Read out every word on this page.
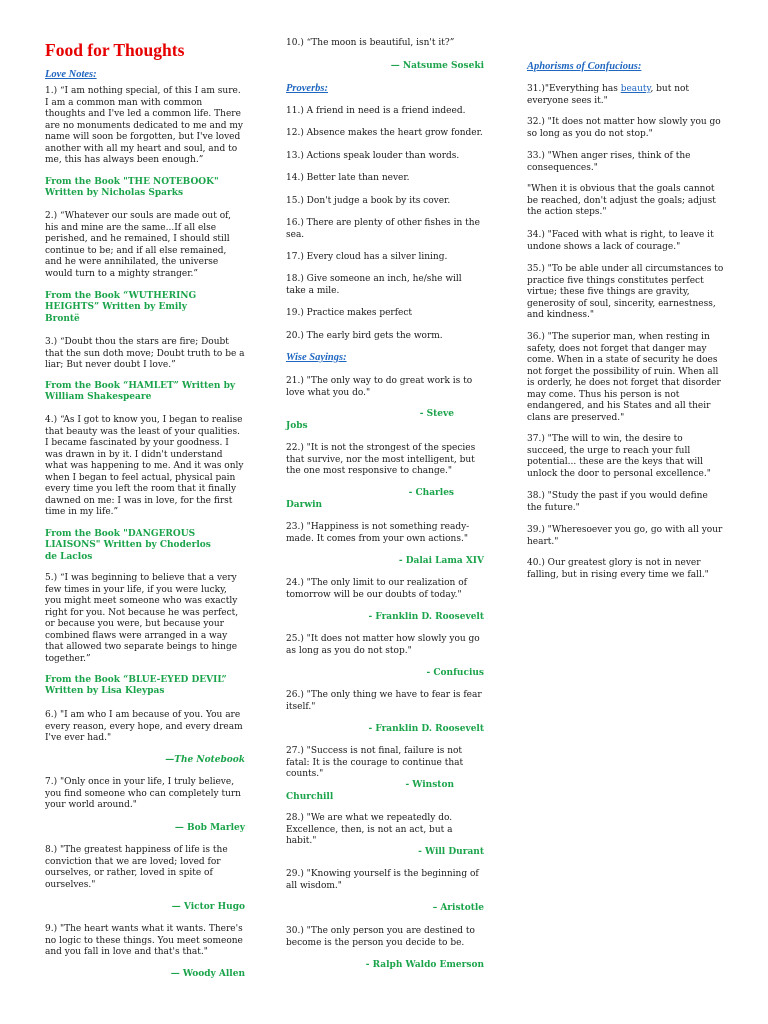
Food for Thoughts
Love Notes:

1.) “I am nothing special, of this I am sure. I am a common man with common thoughts and I've led a common life. There are no monuments dedicated to me and my name will soon be forgotten, but I've loved another with all my heart and soul, and to me, this has always been enough.”

From the Book "THE NOTEBOOK" Written by Nicholas Sparks

2.) “Whatever our souls are made out of, his and mine are the same...If all else perished, and he remained, I should still continue to be; and if all else remained, and he were annihilated, the universe would turn to a mighty stranger.”

From the Book “WUTHERING HEIGHTS” Written by Emily Brontë

3.) “Doubt thou the stars are fire; Doubt that the sun doth move; Doubt truth to be a liar; But never doubt I love.”

From the Book “HAMLET” Written by William Shakespeare

4.) “As I got to know you, I began to realise that beauty was the least of your qualities. I became fascinated by your goodness. I was drawn in by it. I didn't understand what was happening to me. And it was only when I began to feel actual, physical pain every time you left the room that it finally dawned on me: I was in love, for the first time in my life.”

From the Book "DANGEROUS LIAISONS" Written by Choderlos de Laclos

5.) “I was beginning to believe that a very few times in your life, if you were lucky, you might meet someone who was exactly right for you. Not because he was perfect, or because you were, but because your combined flaws were arranged in a way that allowed two separate beings to hinge together.”

From the Book “BLUE-EYED DEVIL” Written by Lisa Kleypas

6.) "I am who I am because of you. You are every reason, every hope, and every dream I've ever had."

—The Notebook

7.) "Only once in your life, I truly believe, you find someone who can completely turn your world around."

— Bob Marley

8.) "The greatest happiness of life is the conviction that we are loved; loved for ourselves, or rather, loved in spite of ourselves."

— Victor Hugo

9.) "The heart wants what it wants. There's no logic to these things. You meet someone and you fall in love and that's that."

— Woody Allen

10.) “The moon is beautiful, isn't it?”

— Natsume Soseki

Proverbs:

11.) A friend in need is a friend indeed.

12.) Absence makes the heart grow fonder.

13.) Actions speak louder than words.

14.) Better late than never.

15.) Don't judge a book by its cover.

16.) There are plenty of other fishes in the sea.

17.) Every cloud has a silver lining.

18.) Give someone an inch, he/she will take a mile.

19.) Practice makes perfect

20.) The early bird gets the worm.

Wise Sayings:

21.) "The only way to do great work is to love what you do."

- Steve
Jobs

22.) "It is not the strongest of the species that survive, nor the most intelligent, but the one most responsive to change."

- Charles
Darwin

23.) "Happiness is not something ready-made. It comes from your own actions."

- Dalai Lama XIV

24.) "The only limit to our realization of tomorrow will be our doubts of today."

- Franklin D. Roosevelt

25.) "It does not matter how slowly you go as long as you do not stop."

- Confucius

26.) "The only thing we have to fear is fear itself."

- Franklin D. Roosevelt

27.) "Success is not final, failure is not fatal: It is the courage to continue that counts."

- Winston
Churchill

28.) "We are what we repeatedly do. Excellence, then, is not an act, but a habit."

- Will Durant

29.) "Knowing yourself is the beginning of all wisdom."

– Aristotle

30.) "The only person you are destined to become is the person you decide to be.

- Ralph Waldo Emerson

Aphorisms of Confucious:

31.)"Everything has beauty, but not everyone sees it."

32.) "It does not matter how slowly you go so long as you do not stop."

33.) "When anger rises, think of the consequences."

"When it is obvious that the goals cannot be reached, don't adjust the goals; adjust the action steps."

34.) "Faced with what is right, to leave it undone shows a lack of courage."

35.) "To be able under all circumstances to practice five things constitutes perfect virtue; these five things are gravity, generosity of soul, sincerity, earnestness, and kindness."

36.) "The superior man, when resting in safety, does not forget that danger may come. When in a state of security he does not forget the possibility of ruin. When all is orderly, he does not forget that disorder may come. Thus his person is not endangered, and his States and all their clans are preserved."

37.) "The will to win, the desire to succeed, the urge to reach your full potential... these are the keys that will unlock the door to personal excellence."

38.) "Study the past if you would define the future."

39.) "Wheresoever you go, go with all your heart."

40.) Our greatest glory is not in never falling, but in rising every time we fall."
